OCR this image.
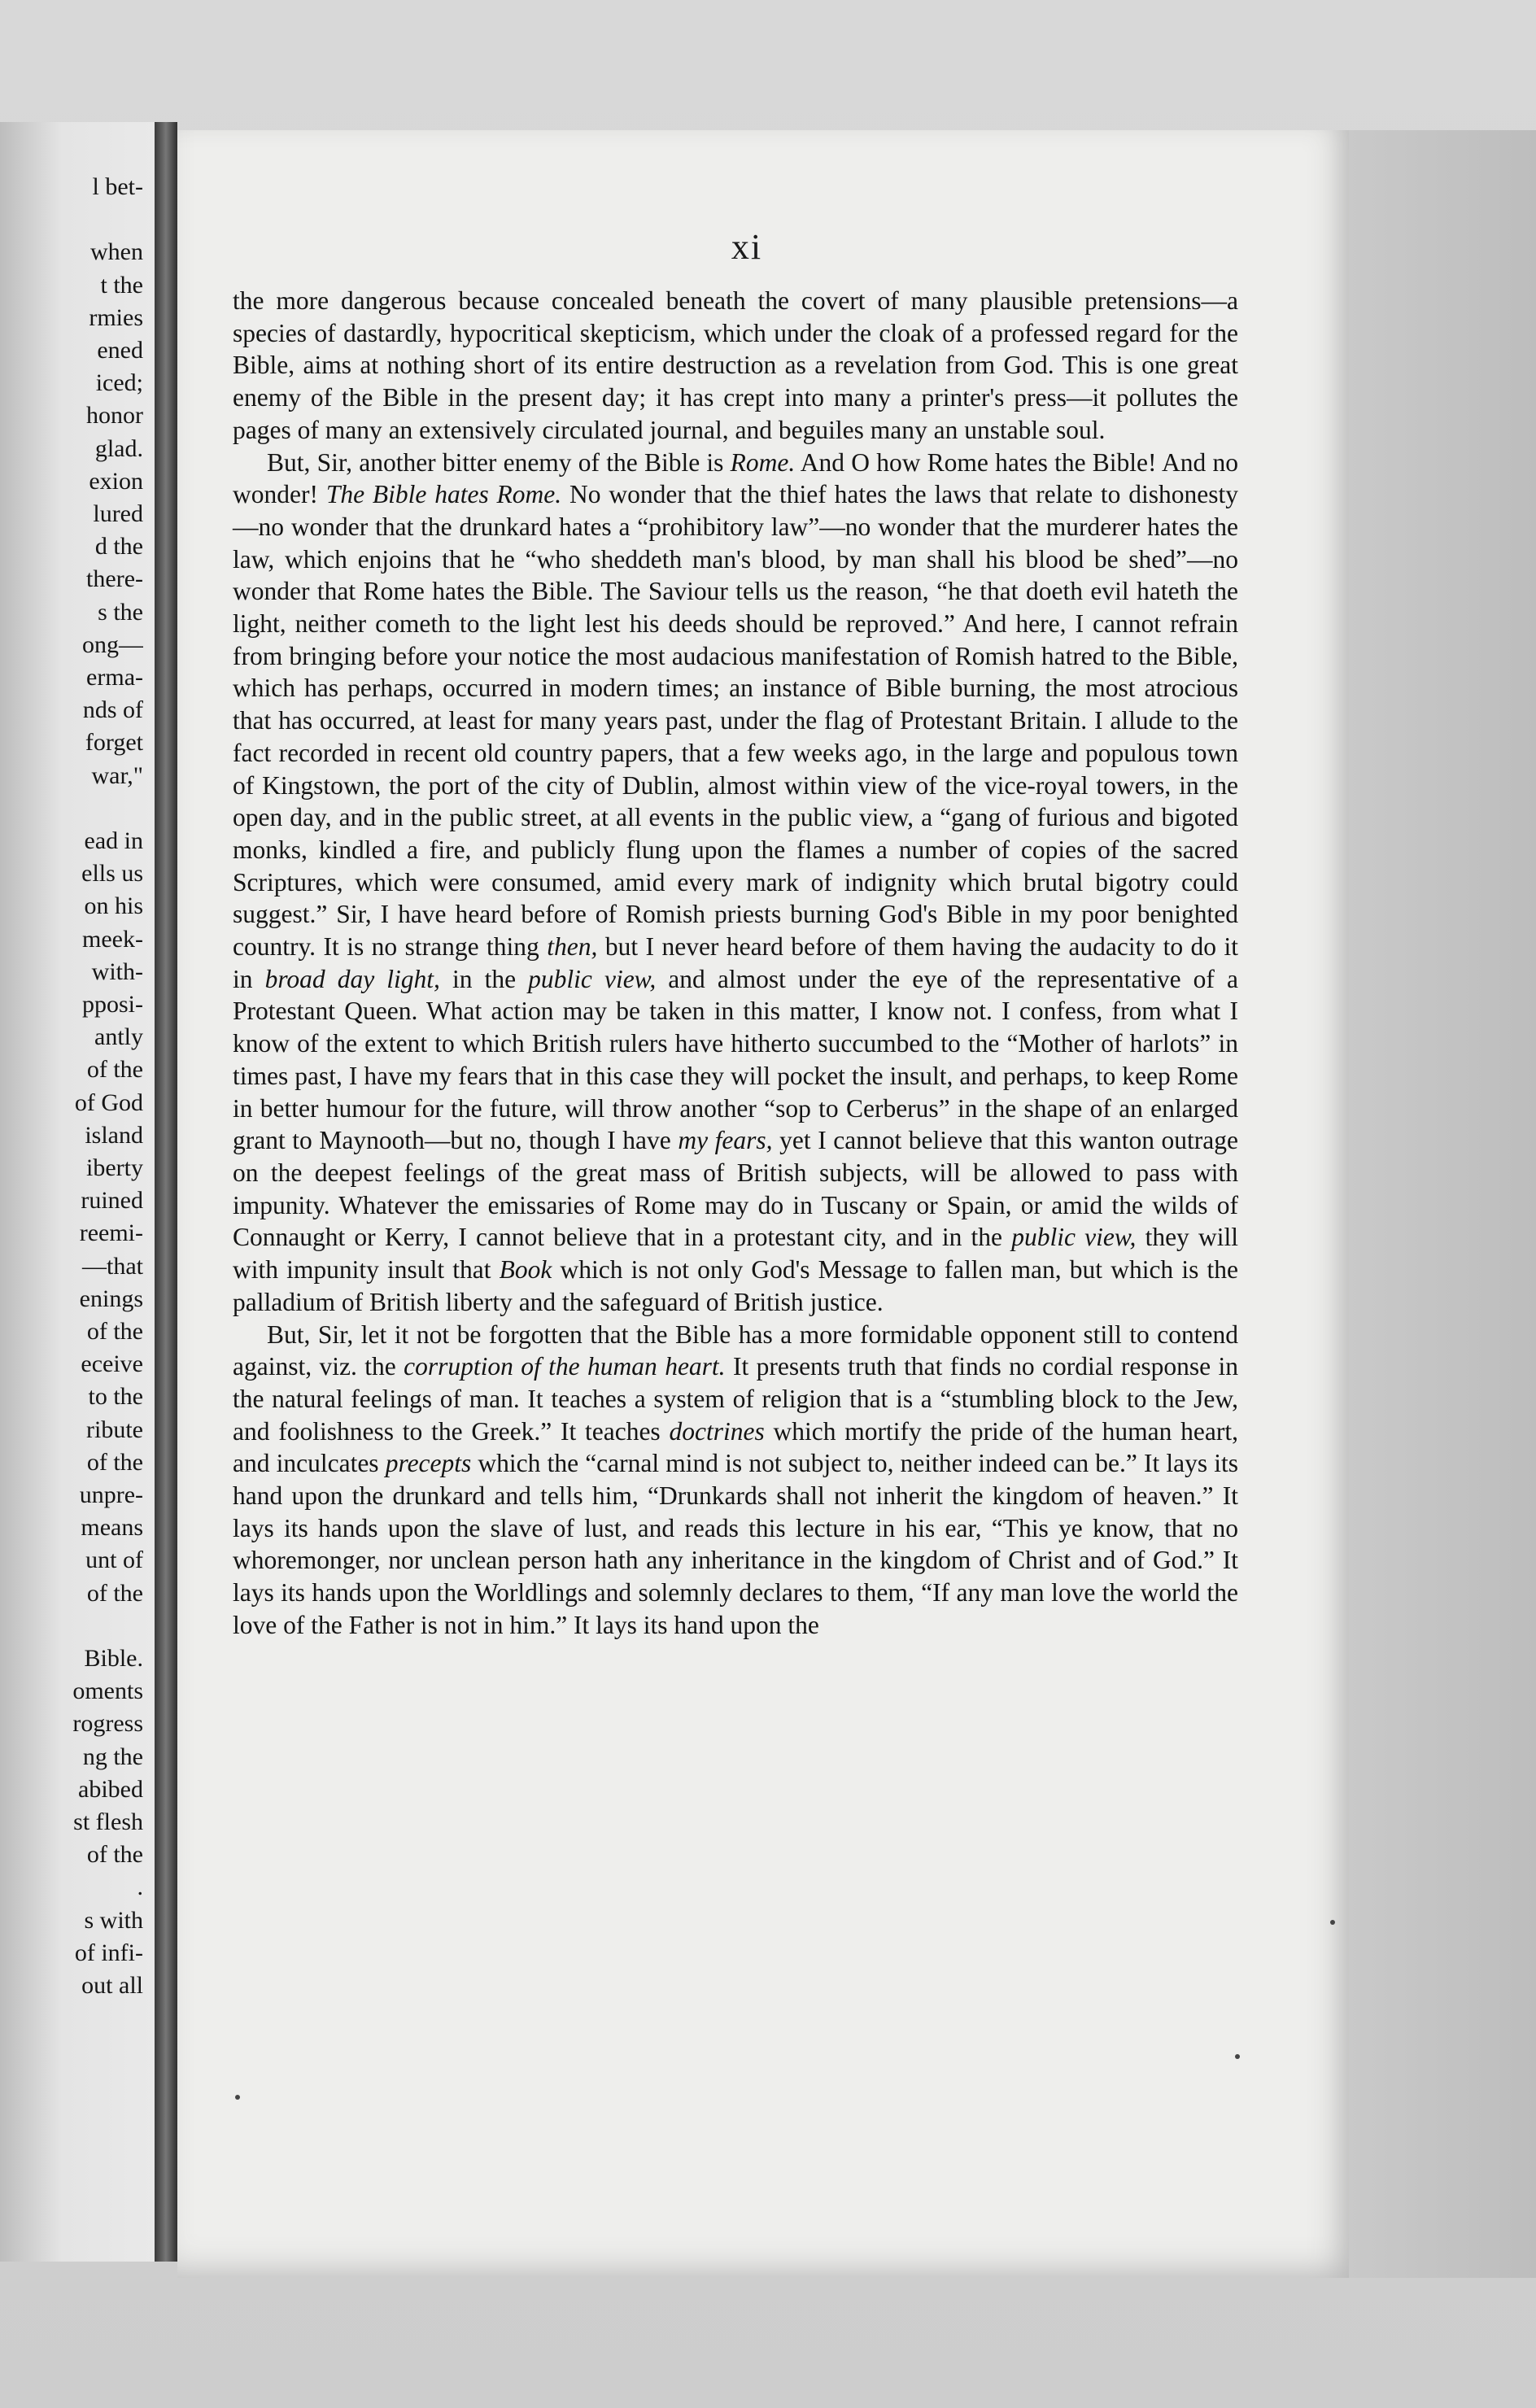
l bet-
when
t the
rmies
ened
iced;
honor
glad.
exion
lured
d the
there-
s the
ong—
erma-
nds of
forget
war,"
ead in
ells us
on his
meek-
with-
pposi-
antly
of the
of God
island
iberty
ruined
reemi-
—that
enings
of the
eceive
to the
ribute
of the
unpre-
means
unt of
of the
Bible.
oments
rogress
ng the
abibed
st flesh
of the
.
s with
of infi-
out all
xi

the more dangerous because concealed beneath the covert of many plausible pretensions—a species of dastardly, hypocritical skepticism, which under the cloak of a professed regard for the Bible, aims at nothing short of its entire destruction as a revelation from God. This is one great enemy of the Bible in the present day; it has crept into many a printer's press—it pollutes the pages of many an extensively circulated journal, and beguiles many an unstable soul.

But, Sir, another bitter enemy of the Bible is Rome. And O how Rome hates the Bible! And no wonder! The Bible hates Rome. No wonder that the thief hates the laws that relate to dishonesty—no wonder that the drunkard hates a “prohibitory law”—no wonder that the murderer hates the law, which enjoins that he “who sheddeth man's blood, by man shall his blood be shed”—no wonder that Rome hates the Bible. The Saviour tells us the reason, “he that doeth evil hateth the light, neither cometh to the light lest his deeds should be reproved.” And here, I cannot refrain from bringing before your notice the most audacious manifestation of Romish hatred to the Bible, which has perhaps, occurred in modern times; an instance of Bible burning, the most atrocious that has occurred, at least for many years past, under the flag of Protestant Britain. I allude to the fact recorded in recent old country papers, that a few weeks ago, in the large and populous town of Kingstown, the port of the city of Dublin, almost within view of the vice-royal towers, in the open day, and in the public street, at all events in the public view, a “gang of furious and bigoted monks, kindled a fire, and publicly flung upon the flames a number of copies of the sacred Scriptures, which were consumed, amid every mark of indignity which brutal bigotry could suggest.” Sir, I have heard before of Romish priests burning God's Bible in my poor benighted country. It is no strange thing then, but I never heard before of them having the audacity to do it in broad day light, in the public view, and almost under the eye of the representative of a Protestant Queen. What action may be taken in this matter, I know not. I confess, from what I know of the extent to which British rulers have hitherto succumbed to the “Mother of harlots” in times past, I have my fears that in this case they will pocket the insult, and perhaps, to keep Rome in better humour for the future, will throw another “sop to Cerberus” in the shape of an enlarged grant to Maynooth—but no, though I have my fears, yet I cannot believe that this wanton outrage on the deepest feelings of the great mass of British subjects, will be allowed to pass with impunity. Whatever the emissaries of Rome may do in Tuscany or Spain, or amid the wilds of Connaught or Kerry, I cannot believe that in a protestant city, and in the public view, they will with impunity insult that Book which is not only God's Message to fallen man, but which is the palladium of British liberty and the safeguard of British justice.

But, Sir, let it not be forgotten that the Bible has a more formidable opponent still to contend against, viz. the corruption of the human heart. It presents truth that finds no cordial response in the natural feelings of man. It teaches a system of religion that is a “stumbling block to the Jew, and foolishness to the Greek.” It teaches doctrines which mortify the pride of the human heart, and inculcates precepts which the “carnal mind is not subject to, neither indeed can be.” It lays its hand upon the drunkard and tells him, “Drunkards shall not inherit the kingdom of heaven.” It lays its hands upon the slave of lust, and reads this lecture in his ear, “This ye know, that no whoremonger, nor unclean person hath any inheritance in the kingdom of Christ and of God.” It lays its hands upon the Worldlings and solemnly declares to them, “If any man love the world the love of the Father is not in him.” It lays its hand upon the
